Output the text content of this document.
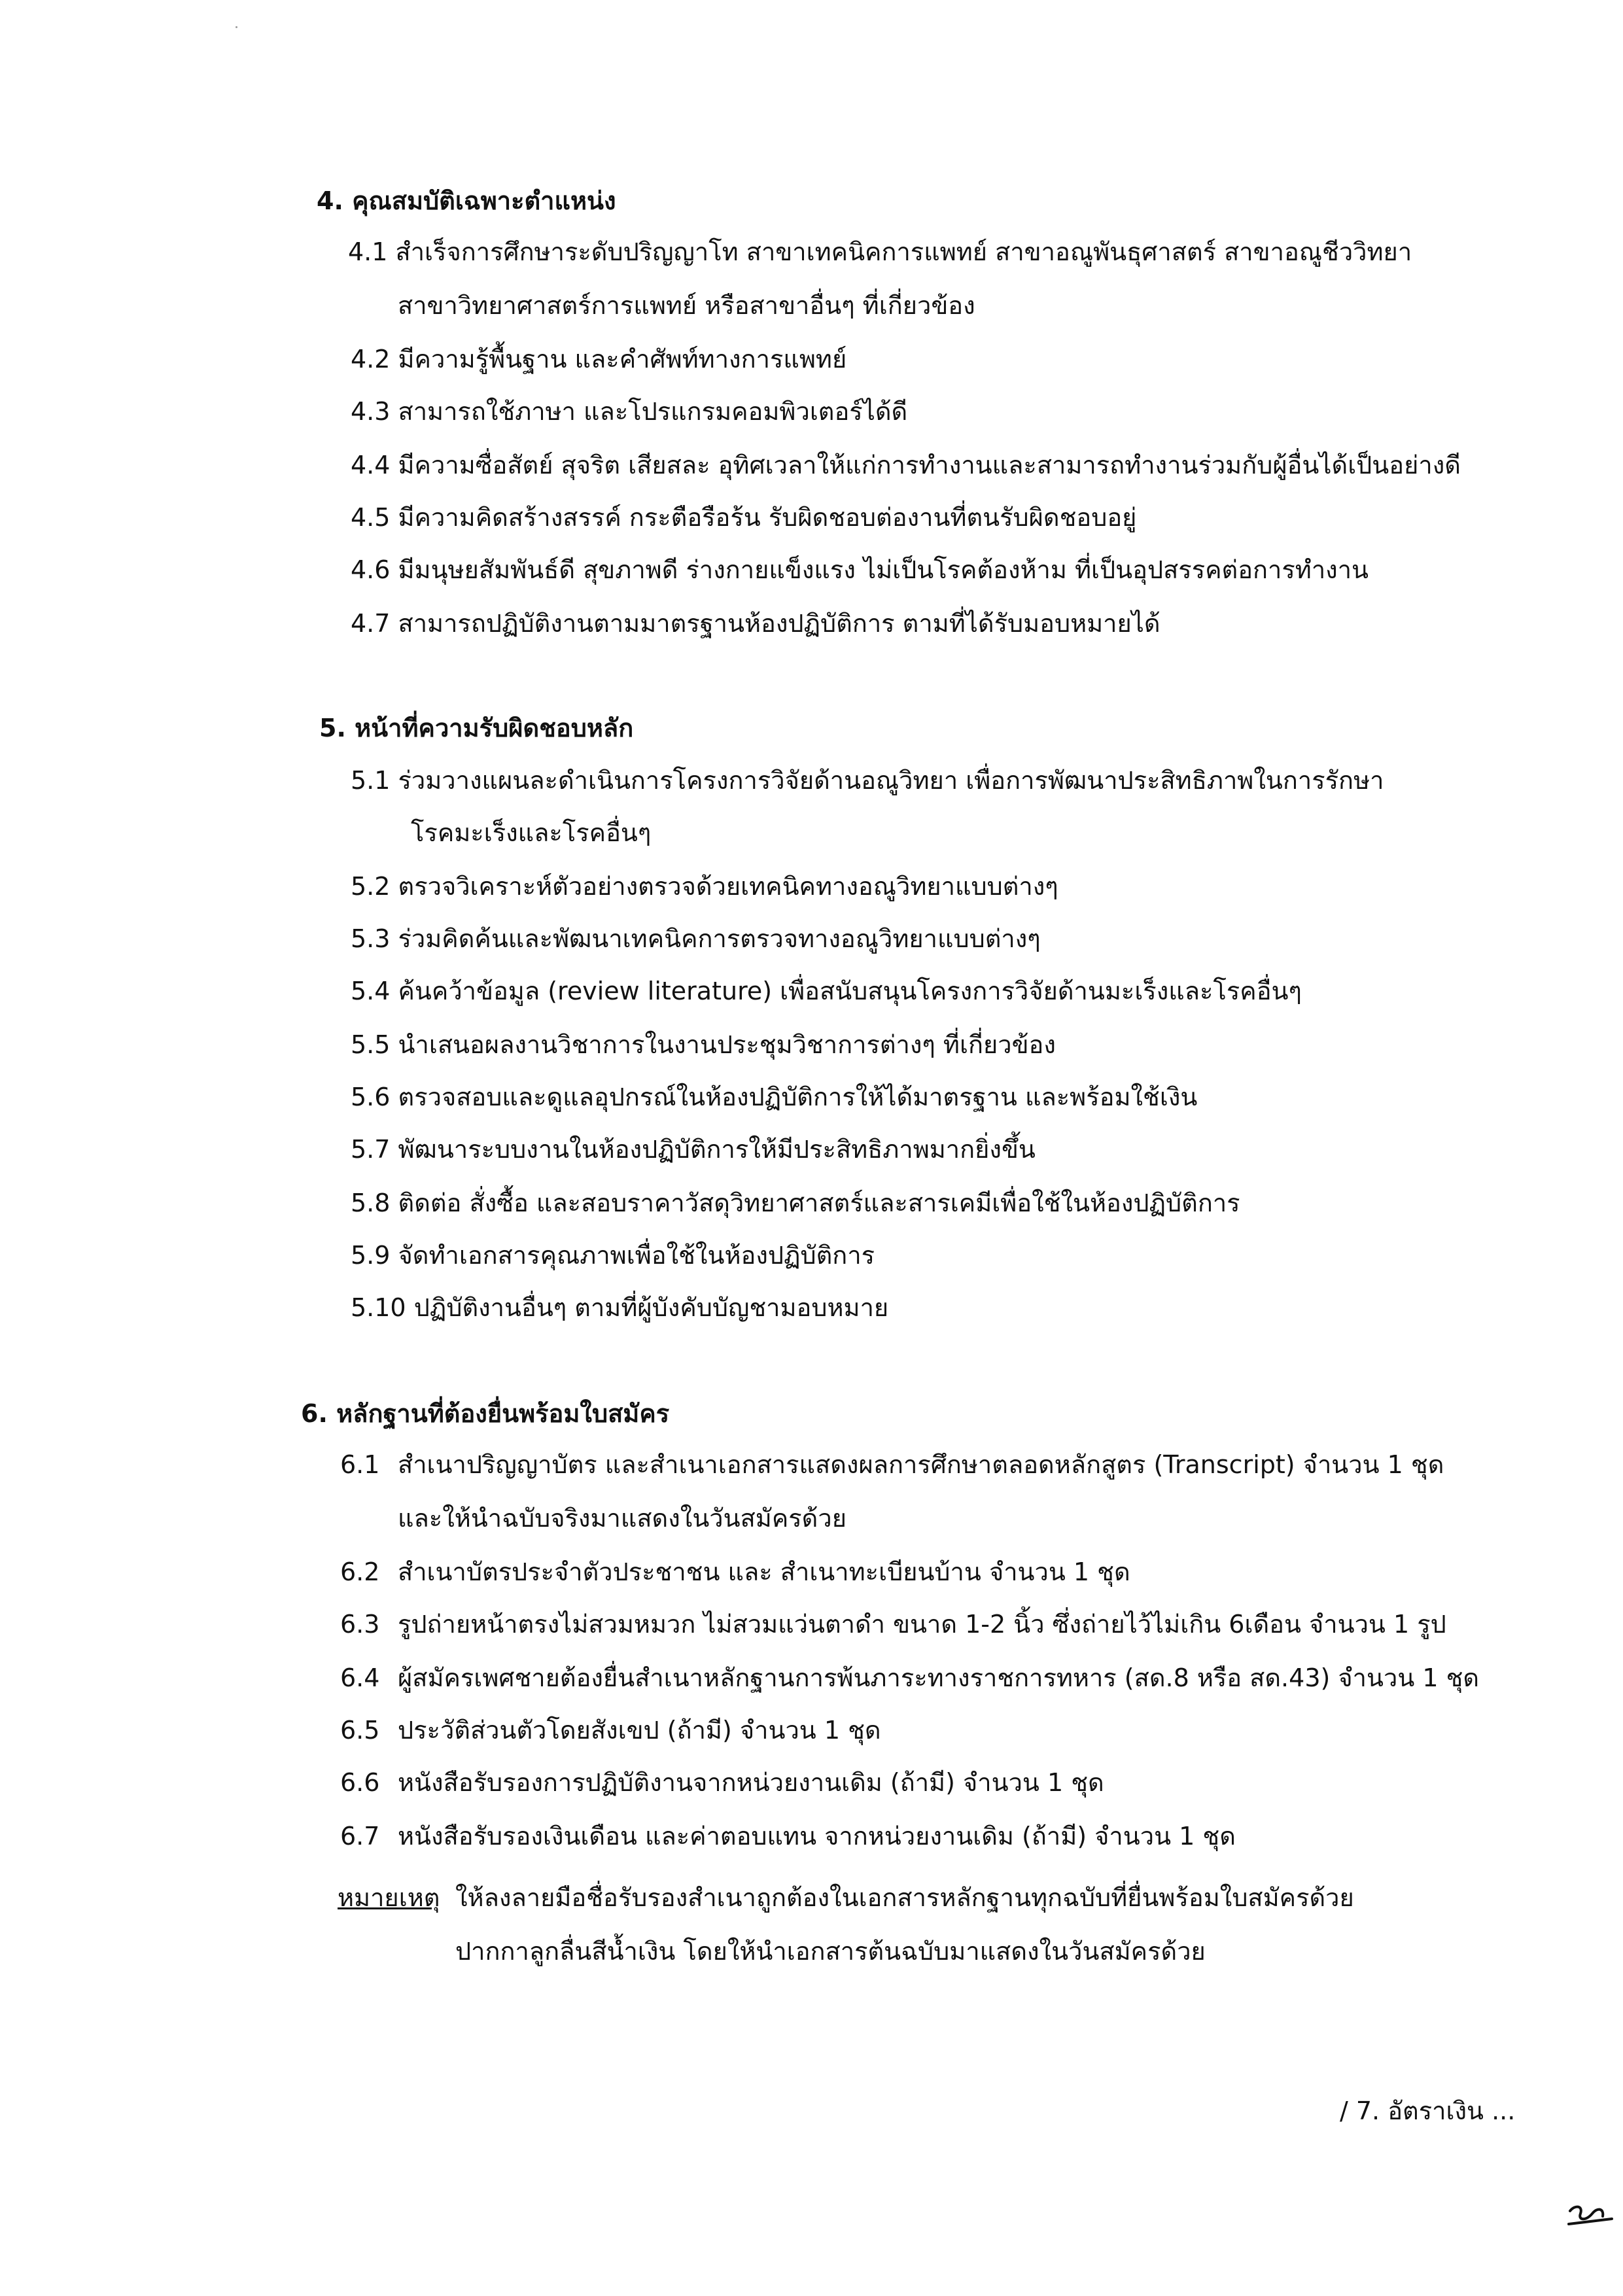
4. คุณสมบัติเฉพาะตำแหน่ง
4.1 สำเร็จการศึกษาระดับปริญญาโท สาขาเทคนิคการแพทย์ สาขาอณูพันธุศาสตร์ สาขาอณูชีววิทยา
สาขาวิทยาศาสตร์การแพทย์ หรือสาขาอื่นๆ ที่เกี่ยวข้อง
4.2 มีความรู้พื้นฐาน และคำศัพท์ทางการแพทย์
4.3 สามารถใช้ภาษา และโปรแกรมคอมพิวเตอร์ได้ดี
4.4 มีความซื่อสัตย์ สุจริต เสียสละ อุทิศเวลาให้แก่การทำงานและสามารถทำงานร่วมกับผู้อื่นได้เป็นอย่างดี
4.5 มีความคิดสร้างสรรค์ กระตือรือร้น รับผิดชอบต่องานที่ตนรับผิดชอบอยู่
4.6 มีมนุษยสัมพันธ์ดี สุขภาพดี ร่างกายแข็งแรง ไม่เป็นโรคต้องห้าม ที่เป็นอุปสรรคต่อการทำงาน
4.7 สามารถปฏิบัติงานตามมาตรฐานห้องปฏิบัติการ ตามที่ได้รับมอบหมายได้
5. หน้าที่ความรับผิดชอบหลัก
5.1 ร่วมวางแผนละดำเนินการโครงการวิจัยด้านอณูวิทยา เพื่อการพัฒนาประสิทธิภาพในการรักษา
โรคมะเร็งและโรคอื่นๆ
5.2 ตรวจวิเคราะห์ตัวอย่างตรวจด้วยเทคนิคทางอณูวิทยาแบบต่างๆ
5.3 ร่วมคิดค้นและพัฒนาเทคนิคการตรวจทางอณูวิทยาแบบต่างๆ
5.4 ค้นคว้าข้อมูล (review literature) เพื่อสนับสนุนโครงการวิจัยด้านมะเร็งและโรคอื่นๆ
5.5 นำเสนอผลงานวิชาการในงานประชุมวิชาการต่างๆ ที่เกี่ยวข้อง
5.6 ตรวจสอบและดูแลอุปกรณ์ในห้องปฏิบัติการให้ได้มาตรฐาน และพร้อมใช้เงิน
5.7 พัฒนาระบบงานในห้องปฏิบัติการให้มีประสิทธิภาพมากยิ่งขึ้น
5.8 ติดต่อ สั่งซื้อ และสอบราคาวัสดุวิทยาศาสตร์และสารเคมีเพื่อใช้ในห้องปฏิบัติการ
5.9 จัดทำเอกสารคุณภาพเพื่อใช้ในห้องปฏิบัติการ
5.10 ปฏิบัติงานอื่นๆ ตามที่ผู้บังคับบัญชามอบหมาย
6. หลักฐานที่ต้องยื่นพร้อมใบสมัคร
6.1 สำเนาปริญญาบัตร และสำเนาเอกสารแสดงผลการศึกษาตลอดหลักสูตร (Transcript) จำนวน 1 ชุด
และให้นำฉบับจริงมาแสดงในวันสมัครด้วย
6.2 สำเนาบัตรประจำตัวประชาชน และ สำเนาทะเบียนบ้าน จำนวน 1 ชุด
6.3 รูปถ่ายหน้าตรงไม่สวมหมวก ไม่สวมแว่นตาดำ ขนาด 1-2 นิ้ว ซึ่งถ่ายไว้ไม่เกิน 6เดือน จำนวน 1 รูป
6.4 ผู้สมัครเพศชายต้องยื่นสำเนาหลักฐานการพ้นภาระทางราชการทหาร (สด.8 หรือ สด.43) จำนวน 1 ชุด
6.5 ประวัติส่วนตัวโดยสังเขป (ถ้ามี) จำนวน 1 ชุด
6.6 หนังสือรับรองการปฏิบัติงานจากหน่วยงานเดิม (ถ้ามี) จำนวน 1 ชุด
6.7 หนังสือรับรองเงินเดือน และค่าตอบแทน จากหน่วยงานเดิม (ถ้ามี) จำนวน 1 ชุด
หมายเหตุ ให้ลงลายมือชื่อรับรองสำเนาถูกต้องในเอกสารหลักฐานทุกฉบับที่ยื่นพร้อมใบสมัครด้วย
ปากกาลูกลื่นสีน้ำเงิน โดยให้นำเอกสารต้นฉบับมาแสดงในวันสมัครด้วย
/ 7. อัตราเงิน ...
